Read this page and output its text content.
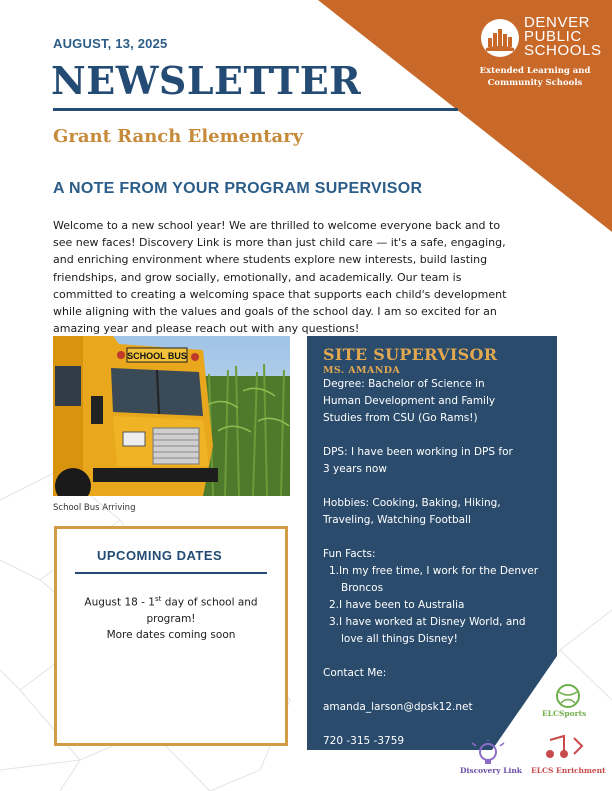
DENVER
PUBLIC
SCHOOLS
Extended Learning and
Community Schools
AUGUST, 13, 2025
NEWSLETTER
Grant Ranch Elementary
A NOTE FROM YOUR PROGRAM SUPERVISOR
Welcome to a new school year! We are thrilled to welcome everyone back and to
see new faces! Discovery Link is more than just child care — it's a safe, engaging,
and enriching environment where students explore new interests, build lasting
friendships, and grow socially, emotionally, and academically. Our team is
committed to creating a welcoming space that supports each child's development
while aligning with the values and goals of the school day. I am so excited for an
amazing year and please reach out with any questions!
SCHOOL BUS
School Bus Arriving
UPCOMING DATES
August 18 - 1st day of school and
program!
More dates coming soon
SITE SUPERVISOR
MS. AMANDA
Degree: Bachelor of Science in
Human Development and Family
Studies from CSU (Go Rams!)
DPS: I have been working in DPS for
3 years now
Hobbies: Cooking, Baking, Hiking,
Traveling, Watching Football
Fun Facts:
1.In my free time, I work for the Denver Broncos
2.I have been to Australia
3.I have worked at Disney World, and love all things Disney!
Contact Me:
amanda_larson@dpsk12.net
720 -315 -3759
ELCSports
Discovery Link ELCS Enrichment
